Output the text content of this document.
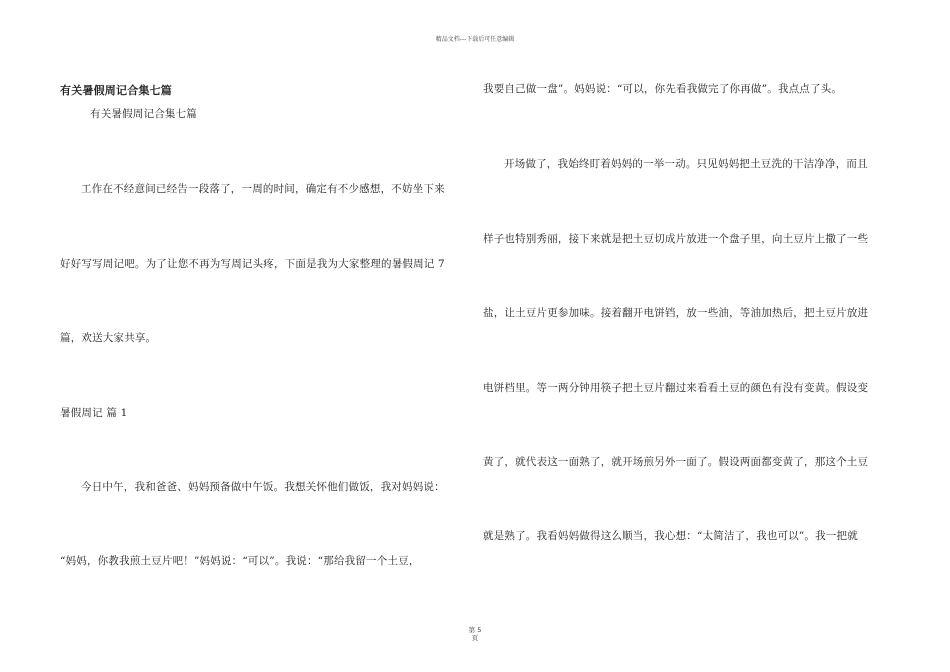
精品文档---下载后可任意编辑
有关暑假周记合集七篇
有关暑假周记合集七篇
工作在不经意间已经告一段落了，一周的时间，确定有不少感想，不妨坐下来
好好写写周记吧。为了让您不再为写周记头疼，下面是我为大家整理的暑假周记 7
篇，欢送大家共享。
暑假周记 篇 1
今日中午，我和爸爸、妈妈预备做中午饭。我想关怀他们做饭，我对妈妈说：
“妈妈，你教我煎土豆片吧！”妈妈说：“可以”。我说：“那给我留一个土豆，
我要自己做一盘”。妈妈说：“可以，你先看我做完了你再做”。我点点了头。
开场做了，我始终盯着妈妈的一举一动。只见妈妈把土豆洗的干洁净净，而且
样子也特别秀丽，接下来就是把土豆切成片放进一个盘子里，向土豆片上撒了一些
盐，让土豆片更参加味。接着翻开电饼铛，放一些油，等油加热后，把土豆片放进
电饼档里。等一两分钟用筷子把土豆片翻过来看看土豆的颜色有没有变黄。假设变
黄了，就代表这一面熟了，就开场煎另外一面了。假设两面都变黄了，那这个土豆
就是熟了。我看妈妈做得这么顺当，我心想：“太简洁了，我也可以”。我一把就
第 5
页
